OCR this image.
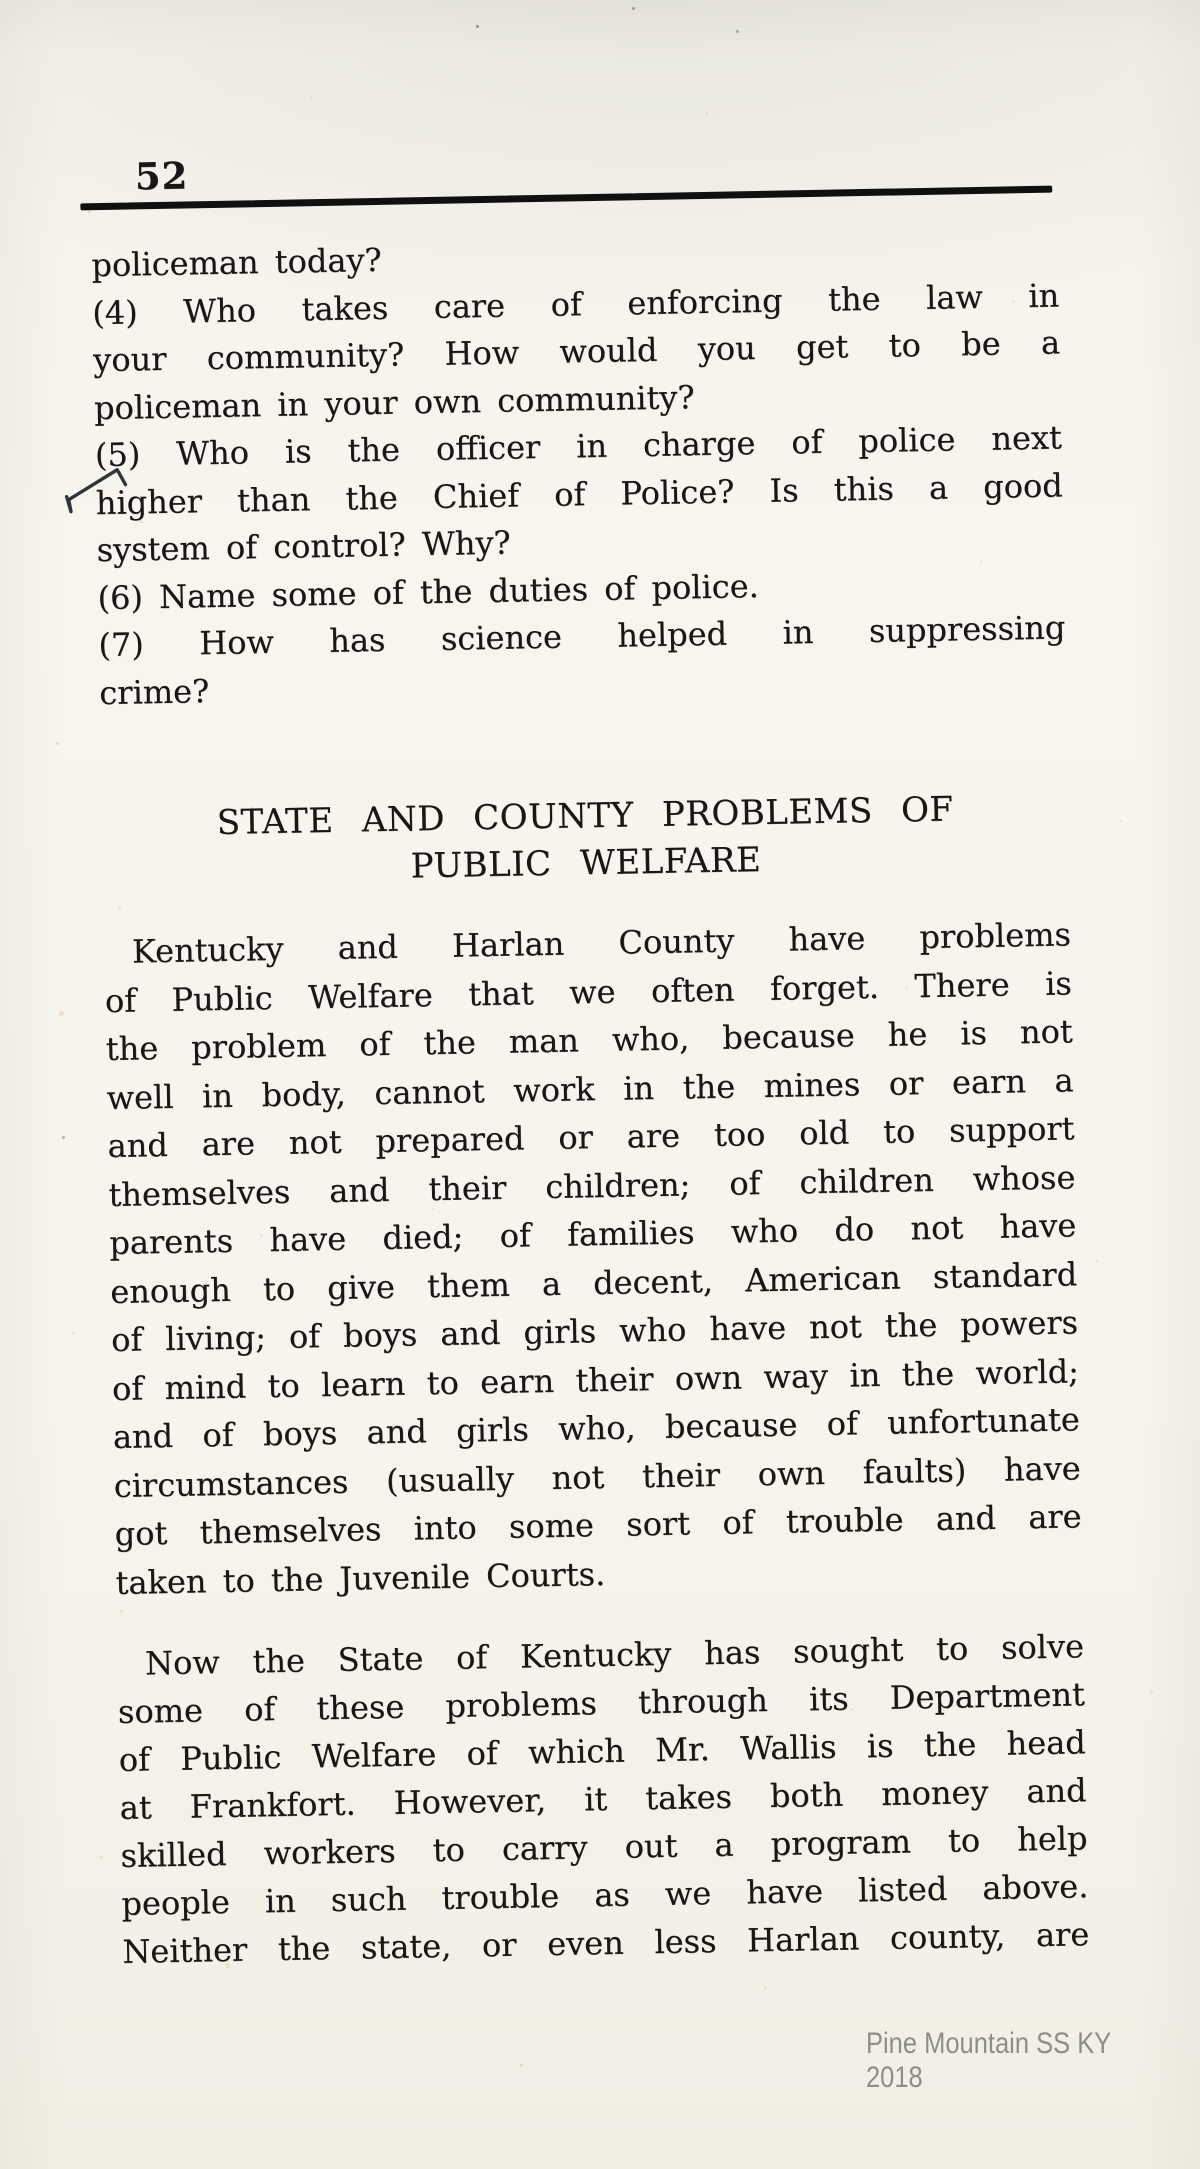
52
policeman today?
(4) Who takes care of enforcing the law in
your community? How would you get to be a
policeman in your own community?
(5) Who is the officer in charge of police next
higher than the Chief of Police? Is this a good
system of control? Why?
(6) Name some of the duties of police.
(7) How has science helped in suppressing
crime?
STATE AND COUNTY PROBLEMS OF
PUBLIC WELFARE
Kentucky and Harlan County have problems
of Public Welfare that we often forget. There is
the problem of the man who, because he is not
well in body, cannot work in the mines or earn a
and are not prepared or are too old to support
themselves and their children; of children whose
parents have died; of families who do not have
enough to give them a decent, American standard
of living; of boys and girls who have not the powers
of mind to learn to earn their own way in the world;
and of boys and girls who, because of unfortunate
circumstances (usually not their own faults) have
got themselves into some sort of trouble and are
taken to the Juvenile Courts.
Now the State of Kentucky has sought to solve
some of these problems through its Department
of Public Welfare of which Mr. Wallis is the head
at Frankfort. However, it takes both money and
skilled workers to carry out a program to help
people in such trouble as we have listed above.
Neither the state, or even less Harlan county, are
Pine Mountain SS KY 2018
